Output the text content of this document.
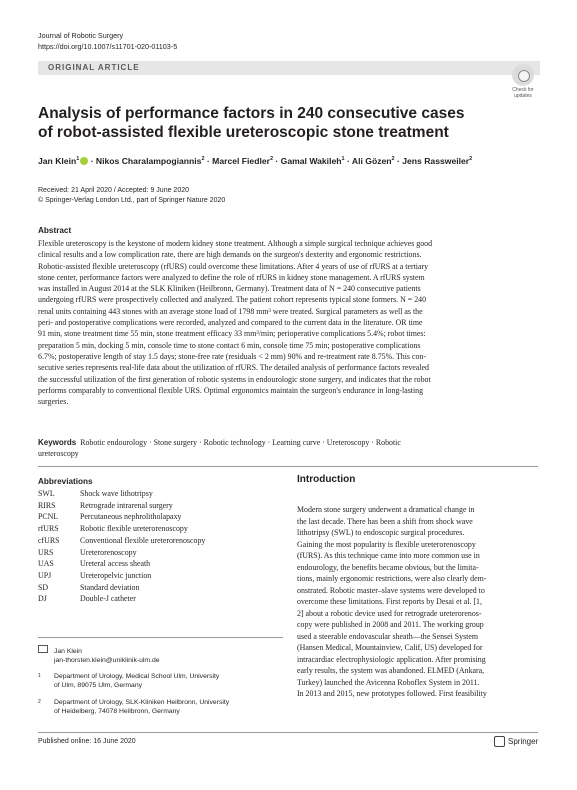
Journal of Robotic Surgery
https://doi.org/10.1007/s11701-020-01103-5
ORIGINAL ARTICLE
Check for updates
Analysis of performance factors in 240 consecutive cases
of robot-assisted flexible ureteroscopic stone treatment
Jan Klein$^1$ · Nikos Charalampogiannis$^2$ · Marcel Fiedler$^2$ · Gamal Wakileh$^1$ · Ali Gözen$^2$ · Jens Rassweiler$^2$
Received: 21 April 2020 / Accepted: 9 June 2020
© Springer-Verlag London Ltd., part of Springer Nature 2020
Abstract
Flexible ureteroscopy is the keystone of modern kidney stone treatment. Although a simple surgical technique achieves good
clinical results and a low complication rate, there are high demands on the surgeon's dexterity and ergonomic restrictions.
Robotic-assisted flexible ureteroscopy (rfURS) could overcome these limitations. After 4 years of use of rfURS at a tertiary
stone center, performance factors were analyzed to define the role of rfURS in kidney stone management. A rfURS system
was installed in August 2014 at the SLK Kliniken (Heilbronn, Germany). Treatment data of N = 240 consecutive patients
undergoing rfURS were prospectively collected and analyzed. The patient cohort represents typical stone formers. N = 240
renal units containing 443 stones with an average stone load of 1798 mm³ were treated. Surgical parameters as well as the
peri- and postoperative complications were recorded, analyzed and compared to the current data in the literature. OR time
91 min, stone treatment time 55 min, stone treatment efficacy 33 mm³/min; perioperative complications 5.4%; robot times:
preparation 5 min, docking 5 min, console time to stone contact 6 min, console time 75 min; postoperative complications
6.7%; postoperative length of stay 1.5 days; stone-free rate (residuals < 2 mm) 90% and re-treatment rate 8.75%. This con-
secutive series represents real-life data about the utilization of rfURS. The detailed analysis of performance factors revealed
the successful utilization of the first generation of robotic systems in endourologic stone surgery, and indicates that the robot
performs comparably to conventional flexible URS. Optimal ergonomics maintain the surgeon's endurance in long-lasting
surgeries.
Keywords Robotic endourology · Stone surgery · Robotic technology · Learning curve · Ureteroscopy · Robotic
ureteroscopy
Abbreviations
SWL	Shock wave lithotripsy
RIRS	Retrograde intrarenal surgery
PCNL	Percutaneous nephrolitholapaxy
rfURS	Robotic flexible ureterorenoscopy
cfURS	Conventional flexible ureterorenoscopy
URS	Ureterorenoscopy
UAS	Ureteral access sheath
UPJ	Ureteropelvic junction
SD	Standard deviation
DJ	Double-J catheter
Jan Klein
jan-thorsten.klein@uniklinik-ulm.de
1	Department of Urology, Medical School Ulm, University
of Ulm, 89075 Ulm, Germany
2	Department of Urology, SLK-Kliniken Heilbronn, University
of Heidelberg, 74078 Heilbronn, Germany
Introduction
Modern stone surgery underwent a dramatical change in
the last decade. There has been a shift from shock wave
lithotripsy (SWL) to endoscopic surgical procedures.
Gaining the most popularity is flexible ureterorenoscopy
(fURS). As this technique came into more common use in
endourology, the benefits became obvious, but the limita-
tions, mainly ergonomic restrictions, were also clearly dem-
onstrated. Robotic master–slave systems were developed to
overcome these limitations. First reports by Desai et al. [1,
2] about a robotic device used for retrograde ureterorenos-
copy were published in 2008 and 2011. The working group
used a steerable endovascular sheath—the Sensei System
(Hansen Medical, Mountainview, Calif, US) developed for
intracardiac electrophysiologic application. After promising
early results, the system was abandoned. ELMED (Ankara,
Turkey) launched the Avicenna Roboflex System in 2011.
In 2013 and 2015, new prototypes followed. First feasibility
Published online: 16 June 2020	Springer
